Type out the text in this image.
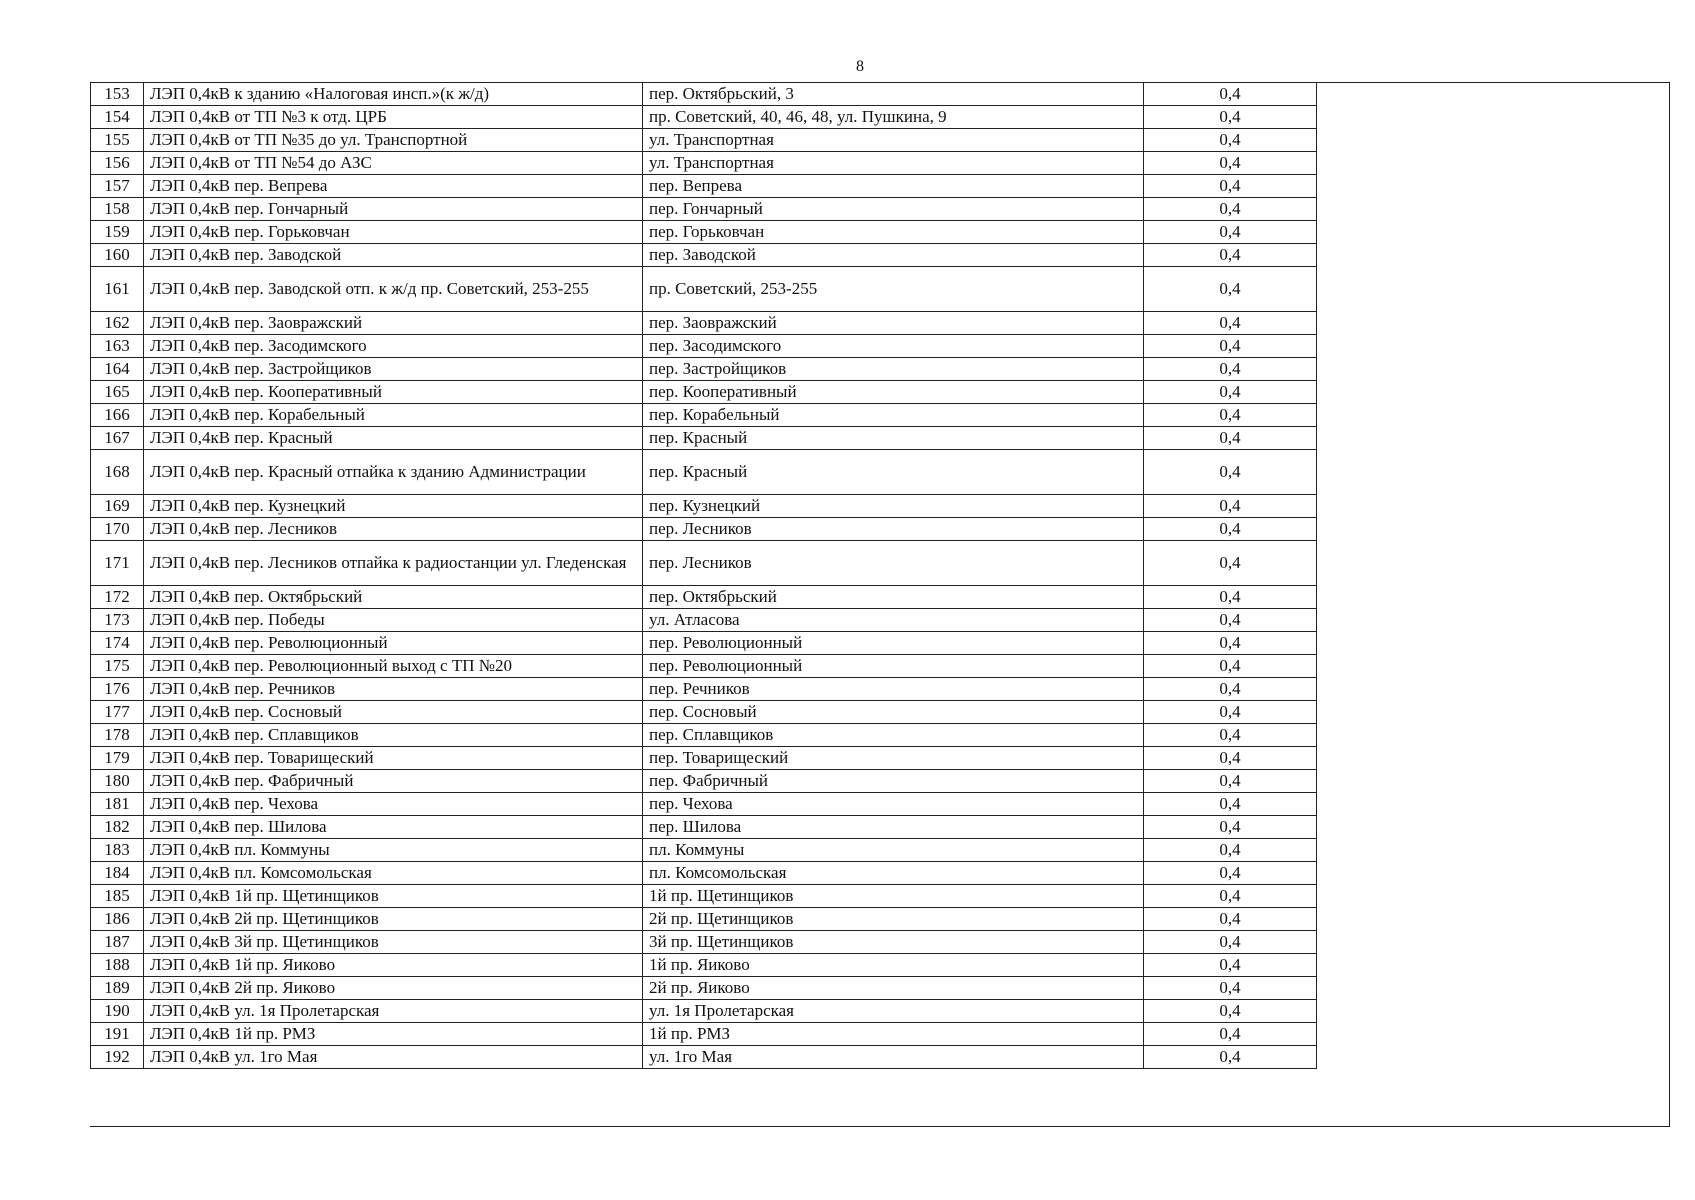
8
153	ЛЭП 0,4кВ к зданию «Налоговая инсп.»(к ж/д)	пер. Октябрьский, 3	0,4
154	ЛЭП 0,4кВ от ТП №3 к отд. ЦРБ	пр. Советский, 40, 46, 48, ул. Пушкина, 9	0,4
155	ЛЭП 0,4кВ от ТП №35 до ул. Транспортной	ул. Транспортная	0,4
156	ЛЭП 0,4кВ от ТП №54 до АЗС	ул. Транспортная	0,4
157	ЛЭП 0,4кВ пер. Вепрева	пер. Вепрева	0,4
158	ЛЭП 0,4кВ пер. Гончарный	пер. Гончарный	0,4
159	ЛЭП 0,4кВ пер. Горьковчан	пер. Горьковчан	0,4
160	ЛЭП 0,4кВ пер. Заводской	пер. Заводской	0,4
161	ЛЭП 0,4кВ пер. Заводской отп. к ж/д пр. Советский, 253-255	пр. Советский, 253-255	0,4
162	ЛЭП 0,4кВ пер. Заовражский	пер. Заовражский	0,4
163	ЛЭП 0,4кВ пер. Засодимского	пер. Засодимского	0,4
164	ЛЭП 0,4кВ пер. Застройщиков	пер. Застройщиков	0,4
165	ЛЭП 0,4кВ пер. Кооперативный	пер. Кооперативный	0,4
166	ЛЭП 0,4кВ пер. Корабельный	пер. Корабельный	0,4
167	ЛЭП 0,4кВ пер. Красный	пер. Красный	0,4
168	ЛЭП 0,4кВ пер. Красный отпайка к зданию Администрации	пер. Красный	0,4
169	ЛЭП 0,4кВ пер. Кузнецкий	пер. Кузнецкий	0,4
170	ЛЭП 0,4кВ пер. Лесников	пер. Лесников	0,4
171	ЛЭП 0,4кВ пер. Лесников отпайка к радиостанции ул. Гледенская	пер. Лесников	0,4
172	ЛЭП 0,4кВ пер. Октябрьский	пер. Октябрьский	0,4
173	ЛЭП 0,4кВ пер. Победы	ул. Атласова	0,4
174	ЛЭП 0,4кВ пер. Революционный	пер. Революционный	0,4
175	ЛЭП 0,4кВ пер. Революционный выход с ТП №20	пер. Революционный	0,4
176	ЛЭП 0,4кВ пер. Речников	пер. Речников	0,4
177	ЛЭП 0,4кВ пер. Сосновый	пер. Сосновый	0,4
178	ЛЭП 0,4кВ пер. Сплавщиков	пер. Сплавщиков	0,4
179	ЛЭП 0,4кВ пер. Товарищеский	пер. Товарищеский	0,4
180	ЛЭП 0,4кВ пер. Фабричный	пер. Фабричный	0,4
181	ЛЭП 0,4кВ пер. Чехова	пер. Чехова	0,4
182	ЛЭП 0,4кВ пер. Шилова	пер. Шилова	0,4
183	ЛЭП 0,4кВ пл. Коммуны	пл. Коммуны	0,4
184	ЛЭП 0,4кВ пл. Комсомольская	пл. Комсомольская	0,4
185	ЛЭП 0,4кВ 1й пр. Щетинщиков	1й пр. Щетинщиков	0,4
186	ЛЭП 0,4кВ 2й пр. Щетинщиков	2й пр. Щетинщиков	0,4
187	ЛЭП 0,4кВ 3й пр. Щетинщиков	3й пр. Щетинщиков	0,4
188	ЛЭП 0,4кВ 1й пр. Яиково	1й пр. Яиково	0,4
189	ЛЭП 0,4кВ 2й пр. Яиково	2й пр. Яиково	0,4
190	ЛЭП 0,4кВ ул. 1я Пролетарская	ул. 1я Пролетарская	0,4
191	ЛЭП 0,4кВ 1й пр. РМЗ	1й пр. РМЗ	0,4
192	ЛЭП 0,4кВ ул. 1го Мая	ул. 1го Мая	0,4
